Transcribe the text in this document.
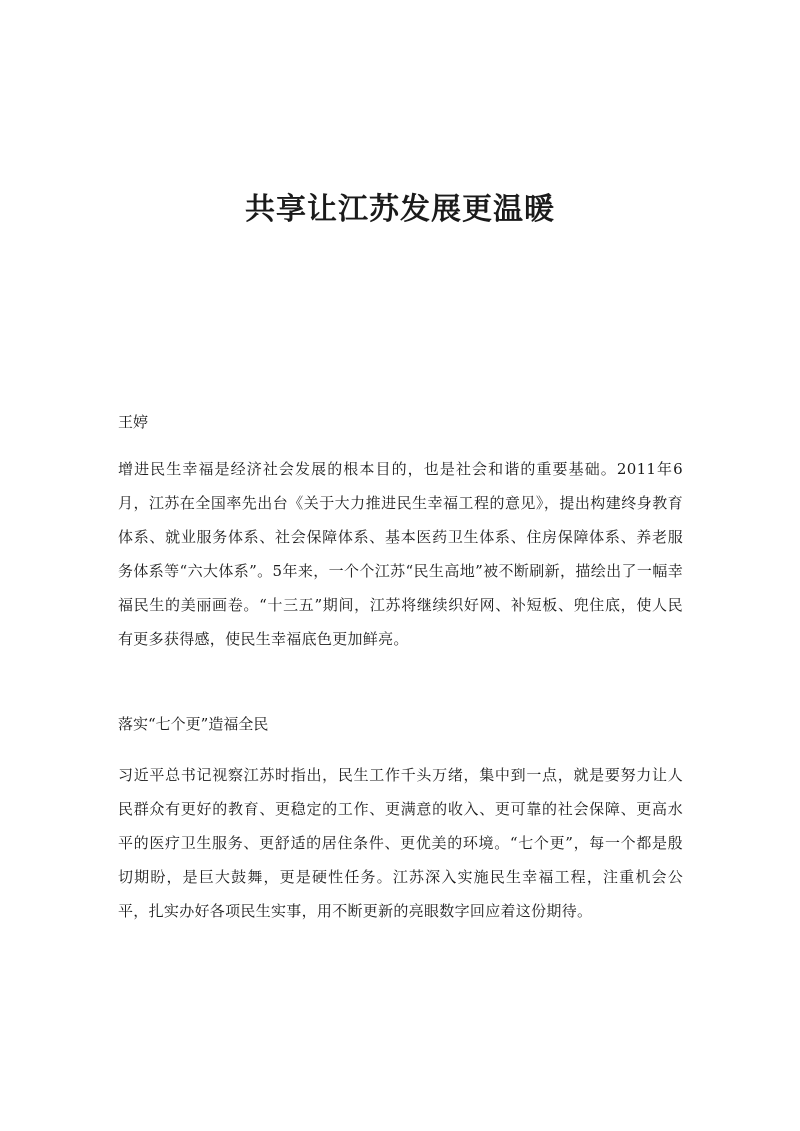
共享让江苏发展更温暖
王婷
增进民生幸福是经济社会发展的根本目的，也是社会和谐的重要基础。2011年6月，江苏在全国率先出台《关于大力推进民生幸福工程的意见》，提出构建终身教育体系、就业服务体系、社会保障体系、基本医药卫生体系、住房保障体系、养老服务体系等“六大体系”。5年来，一个个江苏“民生高地”被不断刷新，描绘出了一幅幸福民生的美丽画卷。“十三五”期间，江苏将继续织好网、补短板、兜住底，使人民有更多获得感，使民生幸福底色更加鲜亮。
落实“七个更”造福全民
习近平总书记视察江苏时指出，民生工作千头万绪，集中到一点，就是要努力让人民群众有更好的教育、更稳定的工作、更满意的收入、更可靠的社会保障、更高水平的医疗卫生服务、更舒适的居住条件、更优美的环境。“七个更”，每一个都是殷切期盼，是巨大鼓舞，更是硬性任务。江苏深入实施民生幸福工程，注重机会公平，扎实办好各项民生实事，用不断更新的亮眼数字回应着这份期待。
